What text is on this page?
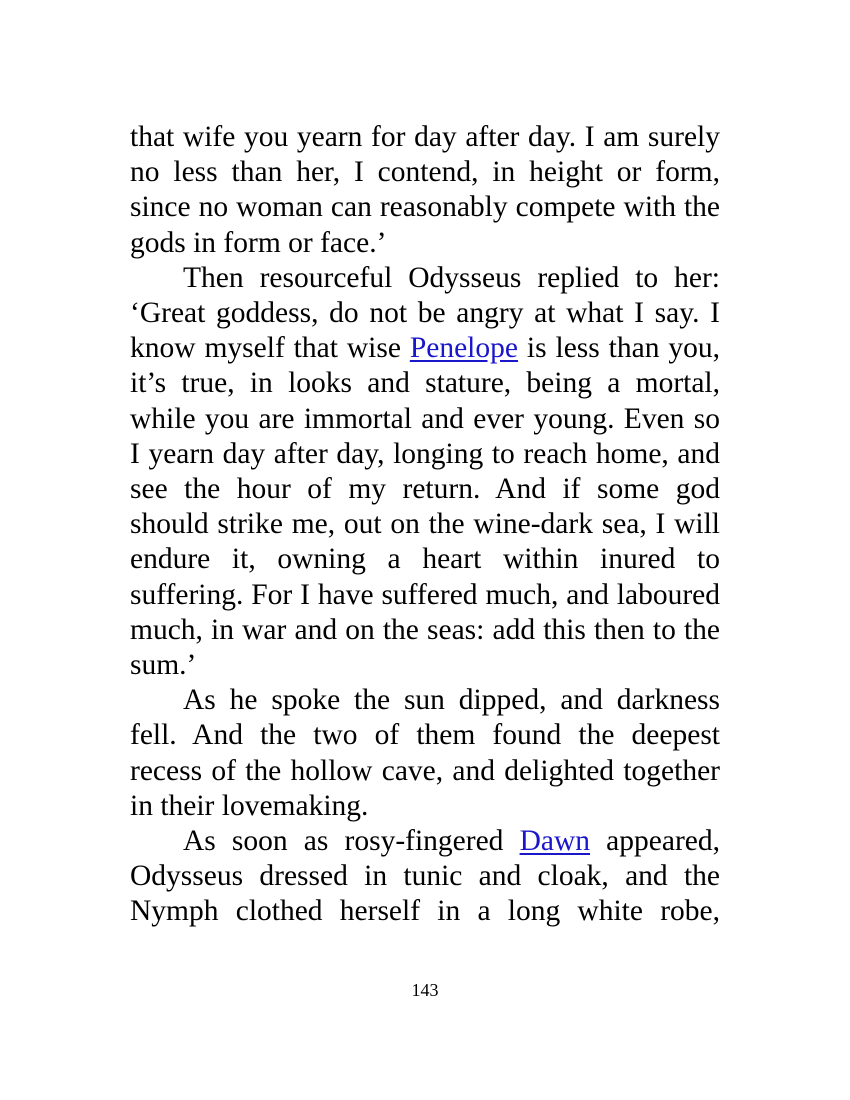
that wife you yearn for day after day. I am surely no less than her, I contend, in height or form, since no woman can reasonably compete with the gods in form or face.’

Then resourceful Odysseus replied to her: ‘Great goddess, do not be angry at what I say. I know myself that wise Penelope is less than you, it’s true, in looks and stature, being a mortal, while you are immortal and ever young. Even so I yearn day after day, longing to reach home, and see the hour of my return. And if some god should strike me, out on the wine-dark sea, I will endure it, owning a heart within inured to suffering. For I have suffered much, and laboured much, in war and on the seas: add this then to the sum.’

As he spoke the sun dipped, and darkness fell. And the two of them found the deepest recess of the hollow cave, and delighted together in their lovemaking.

As soon as rosy-fingered Dawn appeared, Odysseus dressed in tunic and cloak, and the Nymph clothed herself in a long white robe,

143
